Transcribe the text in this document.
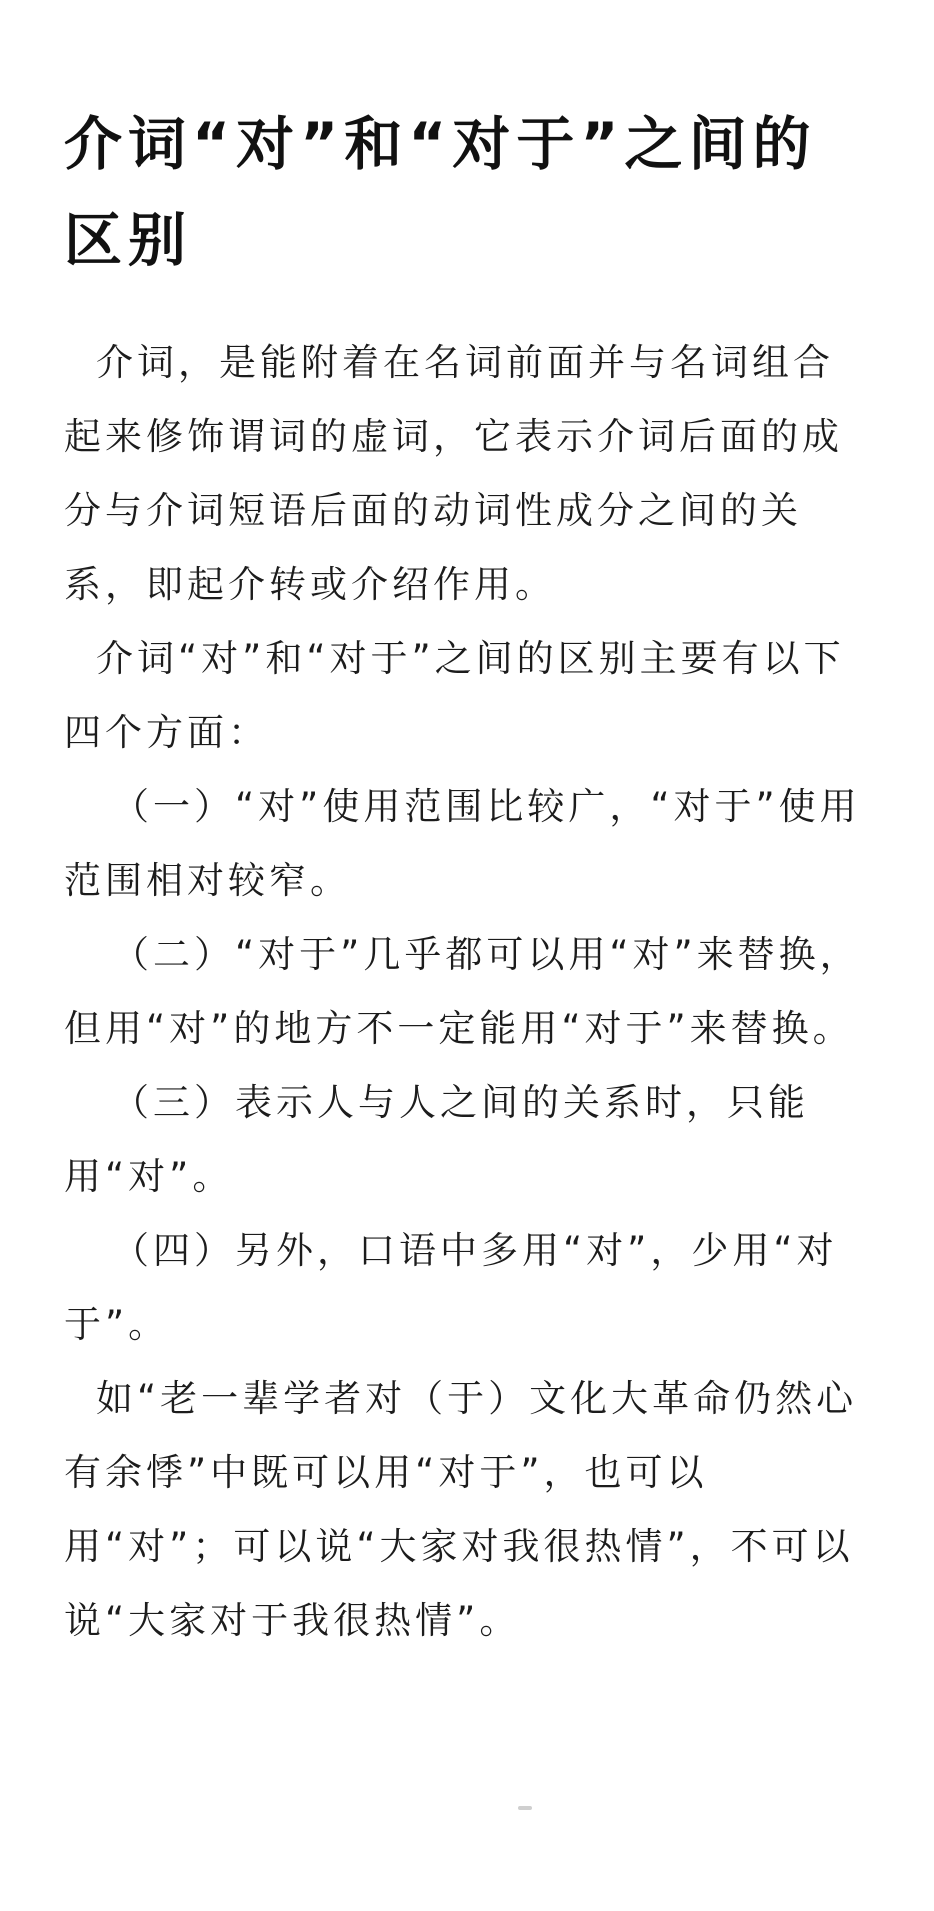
介词“对”和“对于”之间的区别

介词，是能附着在名词前面并与名词组合起来修饰谓词的虚词，它表示介词后面的成分与介词短语后面的动词性成分之间的关系，即起介转或介绍作用。

介词“对”和“对于”之间的区别主要有以下四个方面：

（一）“对”使用范围比较广，“对于”使用范围相对较窄。

（二）“对于”几乎都可以用“对”来替换，但用“对”的地方不一定能用“对于”来替换。

（三）表示人与人之间的关系时，只能用“对”。

（四）另外，口语中多用“对”，少用“对于”。

如“老一辈学者对（于）文化大革命仍然心有余悸”中既可以用“对于”，也可以用“对”；可以说“大家对我很热情”，不可以说“大家对于我很热情”。
